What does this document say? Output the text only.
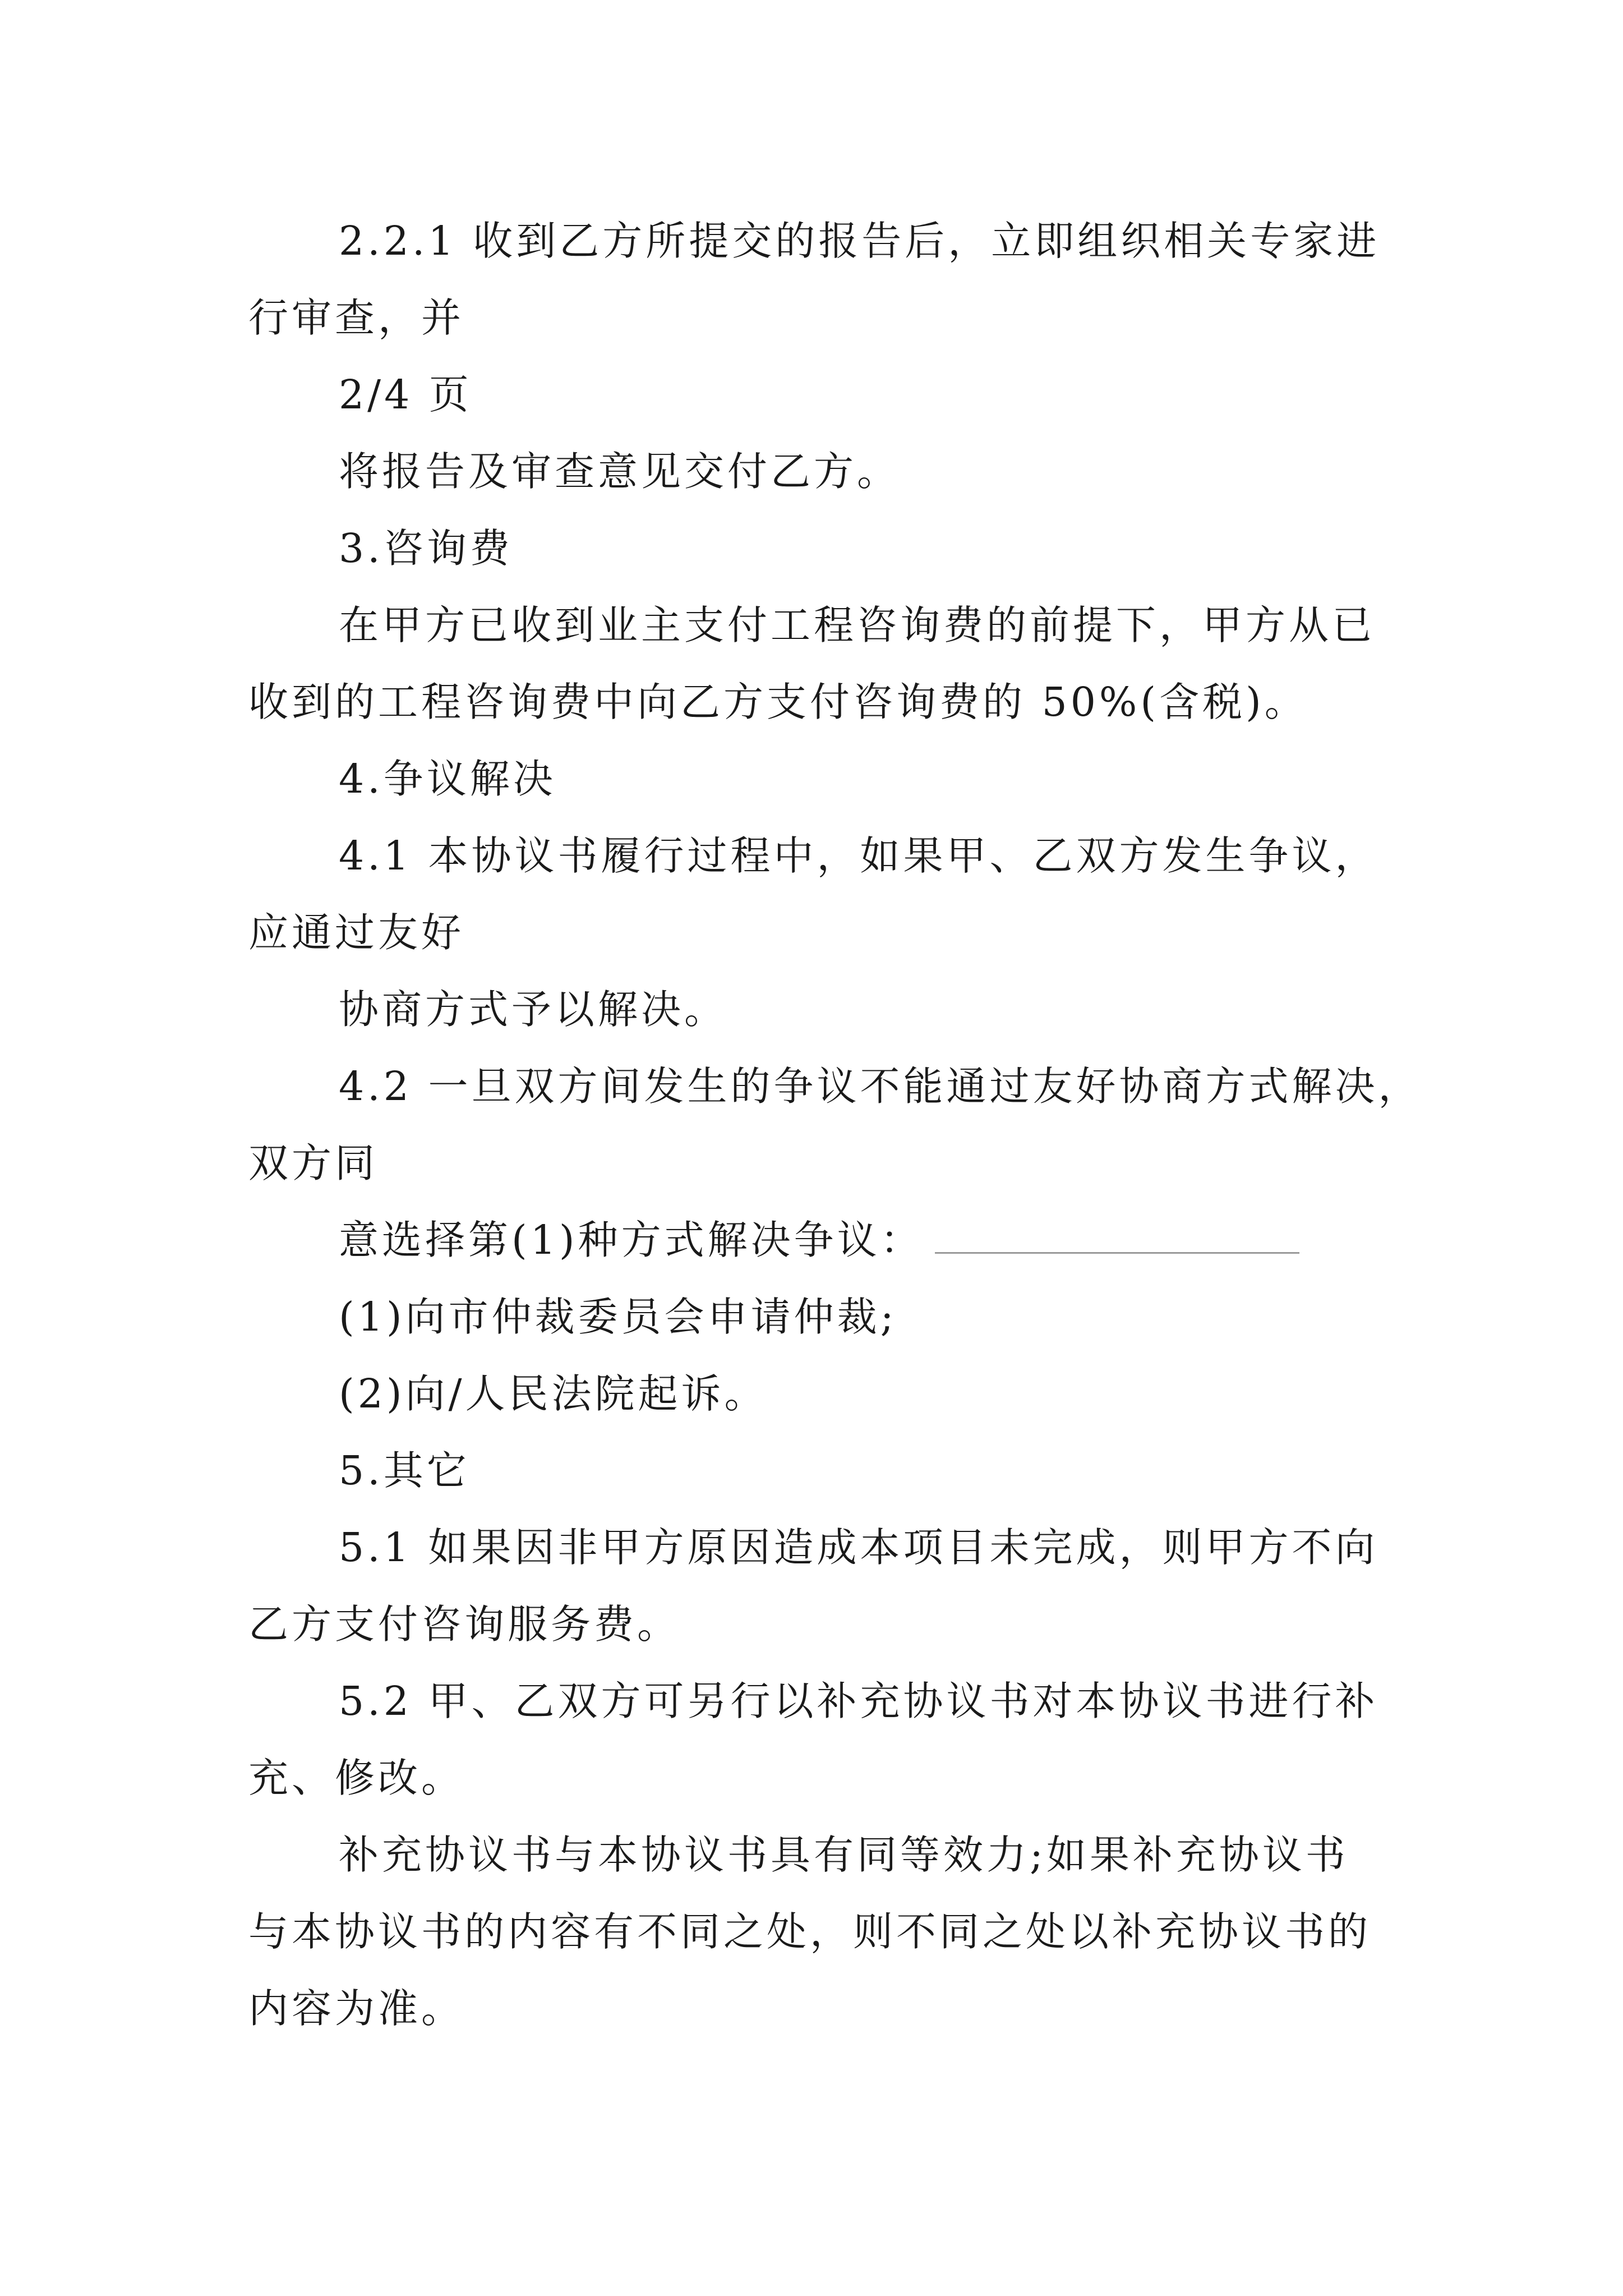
2.2.1 收到乙方所提交的报告后，立即组织相关专家进
行审查，并
2/4 页
将报告及审查意见交付乙方。
3.咨询费
在甲方已收到业主支付工程咨询费的前提下，甲方从已
收到的工程咨询费中向乙方支付咨询费的 50%(含税)。
4.争议解决
4.1 本协议书履行过程中，如果甲、乙双方发生争议，
应通过友好
协商方式予以解决。
4.2 一旦双方间发生的争议不能通过友好协商方式解决，
双方同
意选择第(1)种方式解决争议：
(1)向市仲裁委员会申请仲裁;
(2)向/人民法院起诉。
5.其它
5.1 如果因非甲方原因造成本项目未完成，则甲方不向
乙方支付咨询服务费。
5.2 甲、乙双方可另行以补充协议书对本协议书进行补
充、修改。
补充协议书与本协议书具有同等效力;如果补充协议书
与本协议书的内容有不同之处，则不同之处以补充协议书的
内容为准。
